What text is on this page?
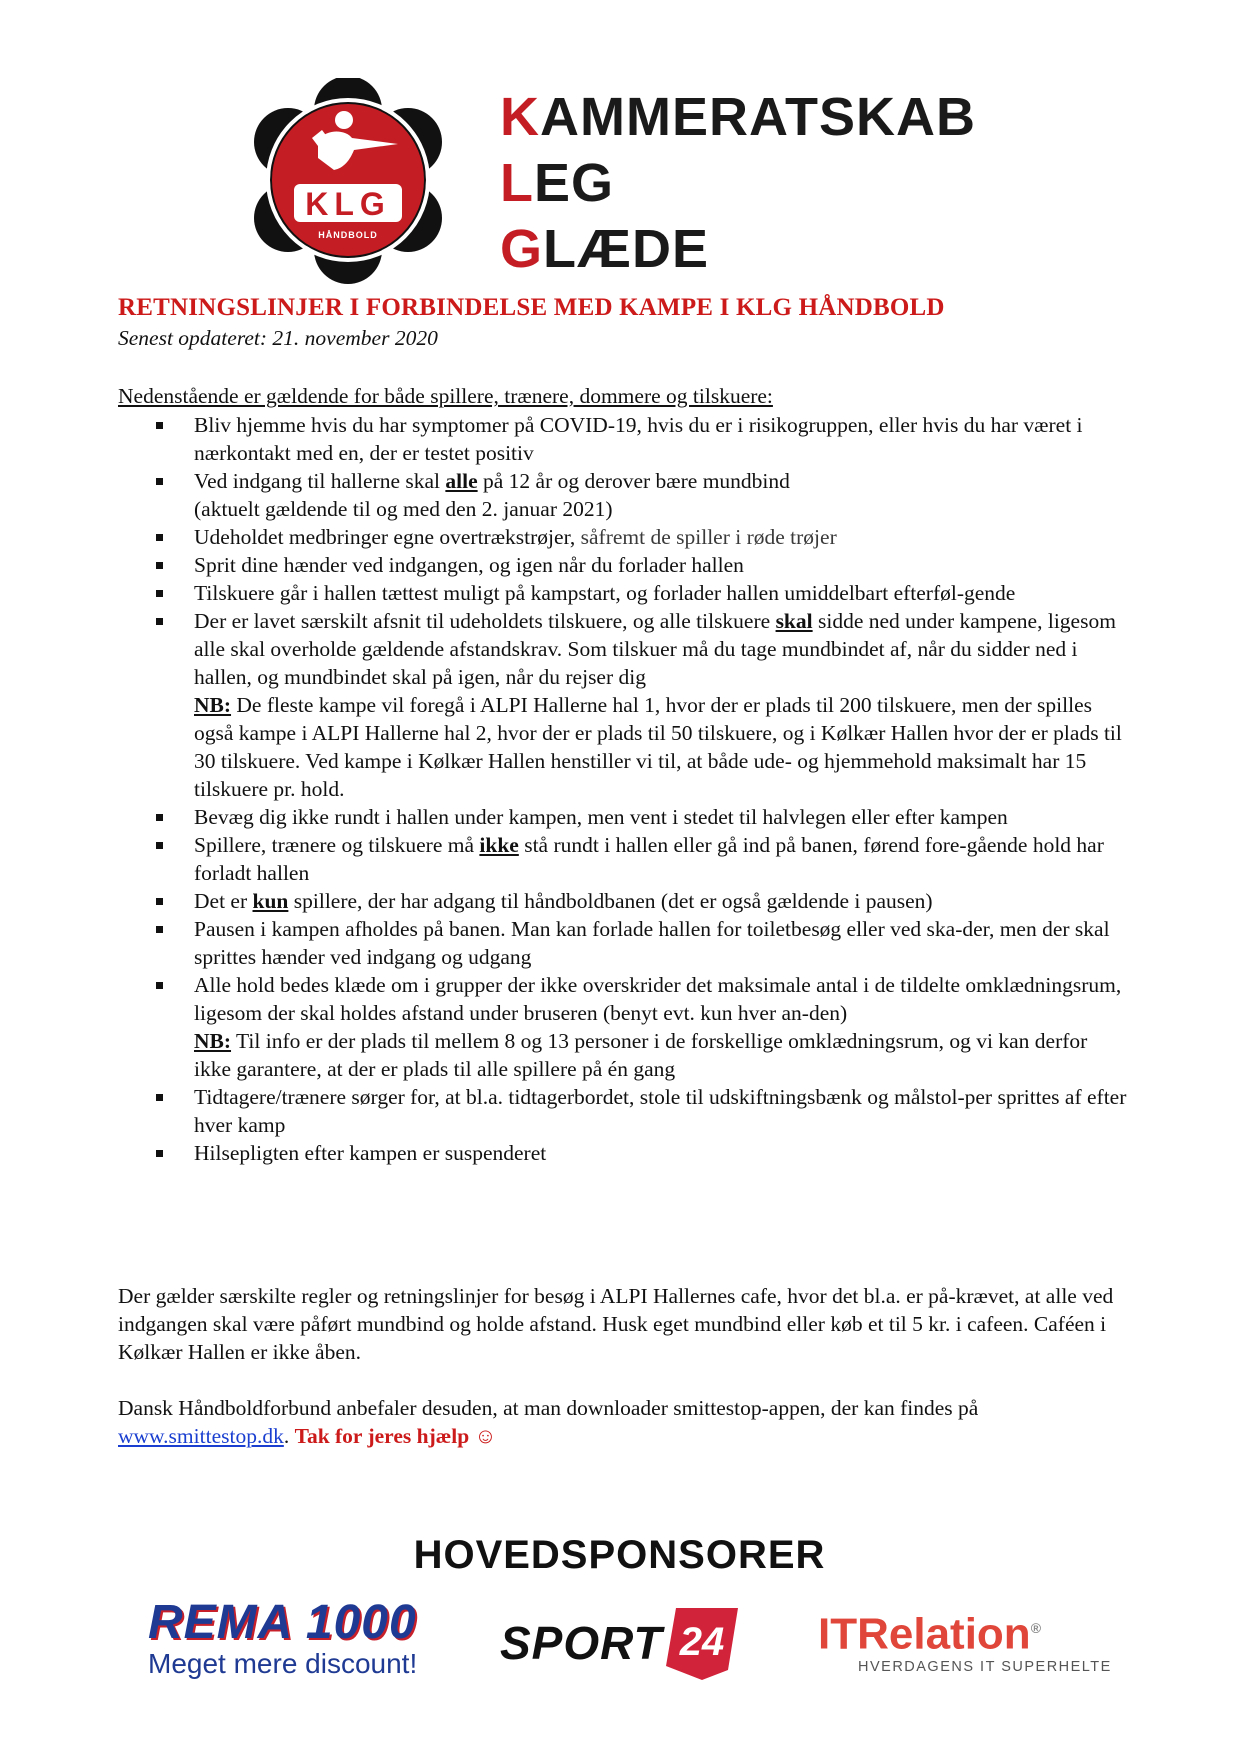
KLG
HÅNDBOLD
KAMMERATSKAB
LEG
GLÆDE
RETNINGSLINJER I FORBINDELSE MED KAMPE I KLG HÅNDBOLD
Senest opdateret: 21. november 2020
Nedenstående er gældende for både spillere, trænere, dommere og tilskuere:
Bliv hjemme hvis du har symptomer på COVID-19, hvis du er i risikogruppen, eller hvis du har været i nærkontakt med en, der er testet positiv
Ved indgang til hallerne skal alle på 12 år og derover bære mundbind
(aktuelt gældende til og med den 2. januar 2021)
Udeholdet medbringer egne overtrækstrøjer, såfremt de spiller i røde trøjer
Sprit dine hænder ved indgangen, og igen når du forlader hallen
Tilskuere går i hallen tættest muligt på kampstart, og forlader hallen umiddelbart efterføl-gende
Der er lavet særskilt afsnit til udeholdets tilskuere, og alle tilskuere skal sidde ned under kampene, ligesom alle skal overholde gældende afstandskrav. Som tilskuer må du tage mundbindet af, når du sidder ned i hallen, og mundbindet skal på igen, når du rejser dig
NB: De fleste kampe vil foregå i ALPI Hallerne hal 1, hvor der er plads til 200 tilskuere, men der spilles også kampe i ALPI Hallerne hal 2, hvor der er plads til 50 tilskuere, og i Kølkær Hallen hvor der er plads til 30 tilskuere. Ved kampe i Kølkær Hallen henstiller vi til, at både ude- og hjemmehold maksimalt har 15 tilskuere pr. hold.
Bevæg dig ikke rundt i hallen under kampen, men vent i stedet til halvlegen eller efter kampen
Spillere, trænere og tilskuere må ikke stå rundt i hallen eller gå ind på banen, førend fore-gående hold har forladt hallen
Det er kun spillere, der har adgang til håndboldbanen (det er også gældende i pausen)
Pausen i kampen afholdes på banen. Man kan forlade hallen for toiletbesøg eller ved ska-der, men der skal sprittes hænder ved indgang og udgang
Alle hold bedes klæde om i grupper der ikke overskrider det maksimale antal i de tildelte omklædningsrum, ligesom der skal holdes afstand under bruseren (benyt evt. kun hver an-den)
NB: Til info er der plads til mellem 8 og 13 personer i de forskellige omklædningsrum, og vi kan derfor ikke garantere, at der er plads til alle spillere på én gang
Tidtagere/trænere sørger for, at bl.a. tidtagerbordet, stole til udskiftningsbænk og målstol-per sprittes af efter hver kamp
Hilsepligten efter kampen er suspenderet
Der gælder særskilte regler og retningslinjer for besøg i ALPI Hallernes cafe, hvor det bl.a. er på-krævet, at alle ved indgangen skal være påført mundbind og holde afstand. Husk eget mundbind eller køb et til 5 kr. i cafeen. Caféen i Kølkær Hallen er ikke åben.
Dansk Håndboldforbund anbefaler desuden, at man downloader smittestop-appen, der kan findes på www.smittestop.dk. Tak for jeres hjælp ☺
HOVEDSPONSORER
REMA 1000
Meget mere discount!	SPORT 24	ITRelation®
HVERDAGENS IT SUPERHELTE
